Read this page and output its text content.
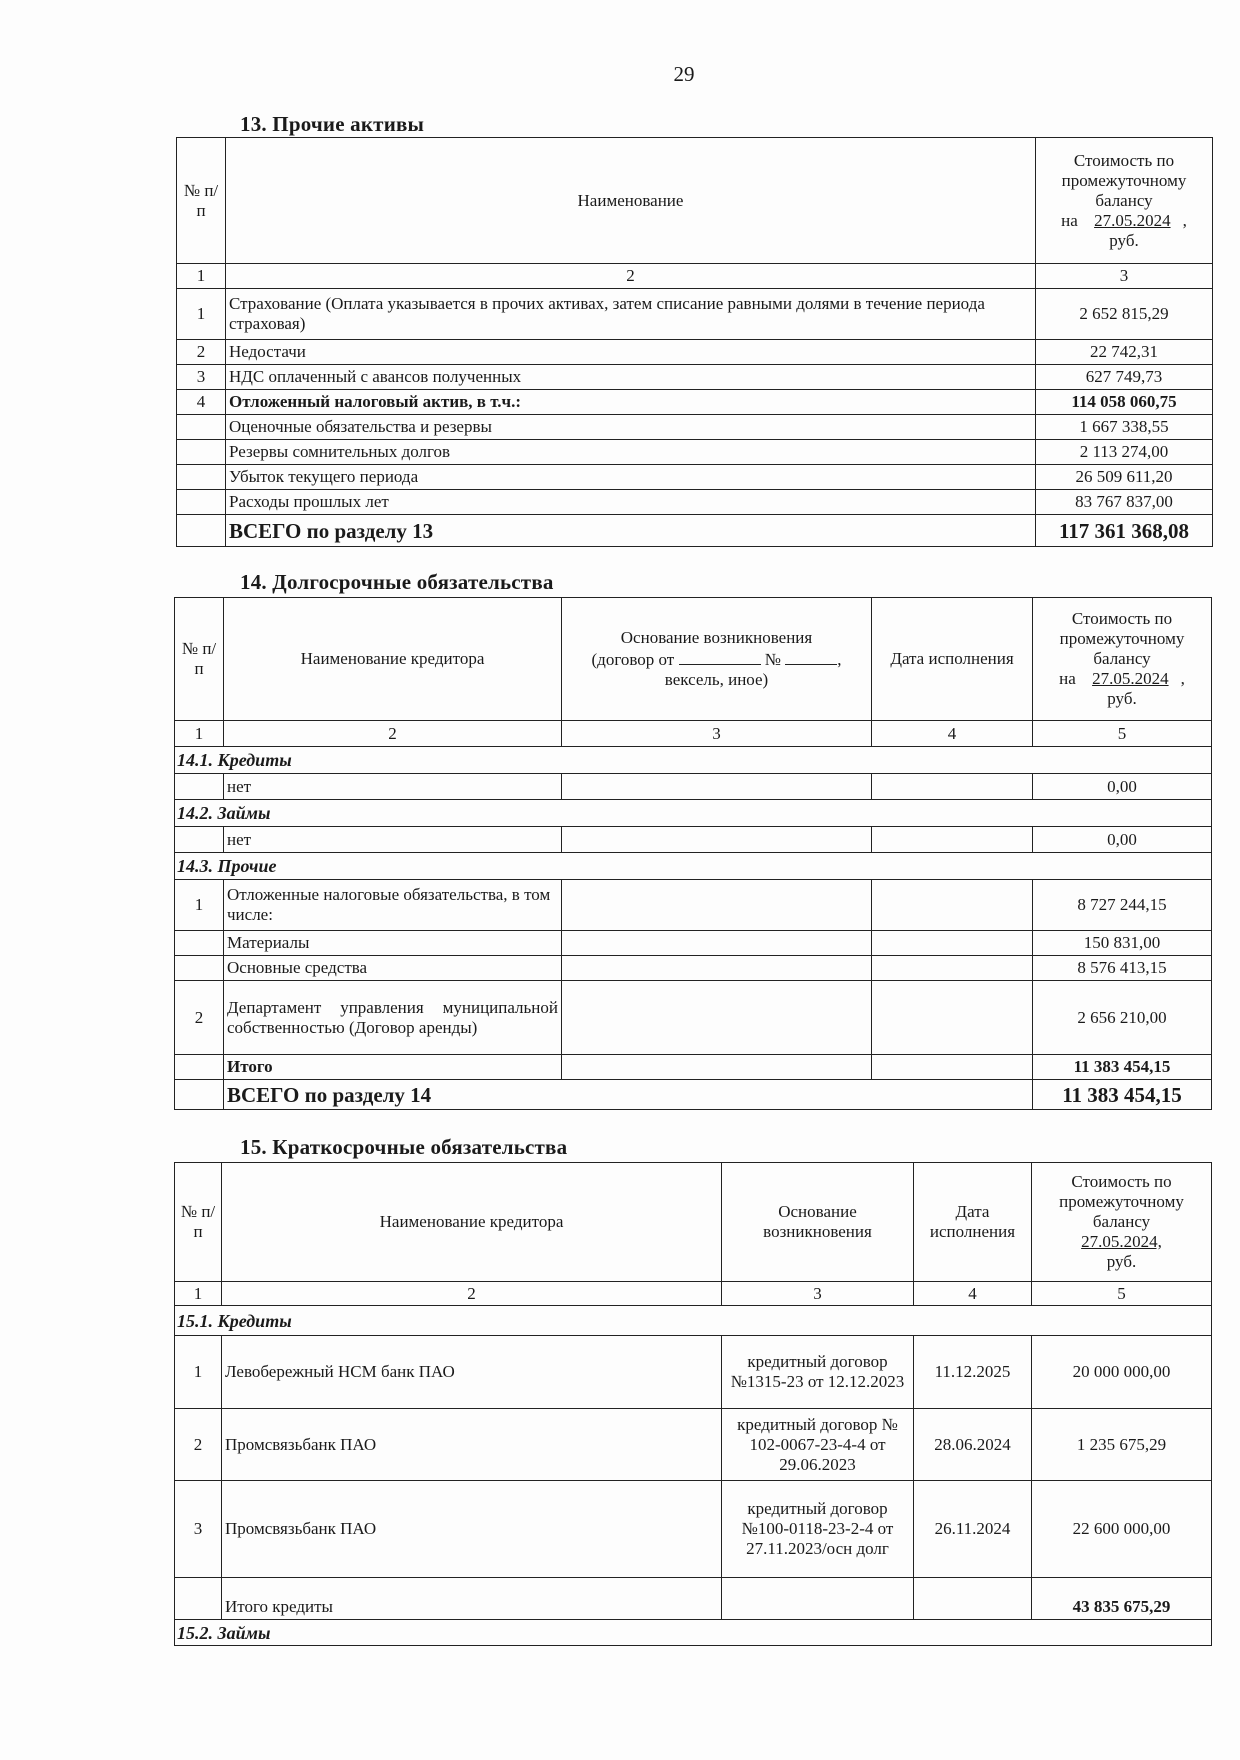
29
13. Прочие активы
№ п/п	Наименование	Стоимость по промежуточному балансу
на 27.05.2024 ,
руб.
1	2	3
1	Страхование (Оплата указывается в прочих активах, затем списание равными долями в течение периода страховая)	2 652 815,29
2	Недостачи	22 742,31
3	НДС оплаченный с авансов полученных	627 749,73
4	Отложенный налоговый актив, в т.ч.:	114 058 060,75
	Оценочные обязательства и резервы	1 667 338,55
	Резервы сомнительных долгов	2 113 274,00
	Убыток текущего периода	26 509 611,20
	Расходы прошлых лет	83 767 837,00
	ВСЕГО по разделу 13	117 361 368,08
14. Долгосрочные обязательства
№ п/п	Наименование кредитора	Основание возникновения
(договор от № ,
вексель, иное)	Дата исполнения	Стоимость по промежуточному балансу
на 27.05.2024 ,
руб.
1	2	3	4	5
14.1. Кредиты				
	нет			0,00
14.2. Займы				
	нет			0,00
14.3. Прочие				
1	Отложенные налоговые обязательства, в том числе:			8 727 244,15
	Материалы			150 831,00
	Основные средства			8 576 413,15
2	Департамент управления муниципальной собственностью (Договор аренды)			2 656 210,00
	Итого			11 383 454,15
	ВСЕГО по разделу 14			11 383 454,15
15. Краткосрочные обязательства
№ п/п	Наименование кредитора	Основание возникновения	Дата исполнения	Стоимость по промежуточному балансу
27.05.2024,
руб.
1	2	3	4	5
15.1. Кредиты				
1	Левобережный НСМ банк ПАО	кредитный договор №1315-23 от 12.12.2023	11.12.2025	20 000 000,00
2	Промсвязьбанк ПАО	кредитный договор № 102-0067-23-4-4 от 29.06.2023	28.06.2024	1 235 675,29
3	Промсвязьбанк ПАО	кредитный договор №100-0118-23-2-4 от 27.11.2023/осн долг	26.11.2024	22 600 000,00
	Итого кредиты			43 835 675,29
15.2. Займы				
